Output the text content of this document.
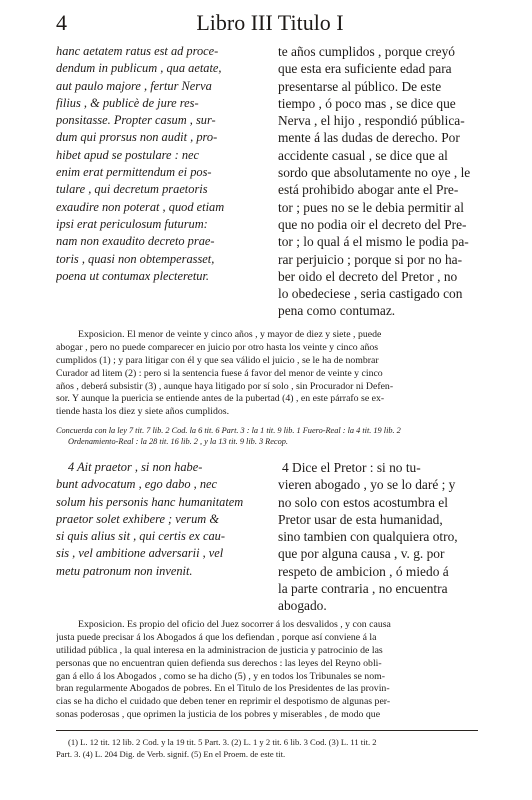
4	Libro III Titulo I
hanc aetatem ratus est ad proce-
dendum in publicum , qua aetate,
aut paulo majore , fertur Nerva
filius , & publicè de jure res-
ponsitasse. Propter casum , sur-
dum qui prorsus non audit , pro-
hibet apud se postulare : nec
enim erat permittendum ei pos-
tulare , qui decretum praetoris
exaudire non poterat , quod etiam
ipsi erat periculosum futurum:
nam non exaudito decreto prae-
toris , quasi non obtemperasset,
poena ut contumax plecteretur.
te años cumplidos , porque creyó
que esta era suficiente edad para
presentarse al público. De este
tiempo , ó poco mas , se dice que
Nerva , el hijo , respondió pública-
mente á las dudas de derecho. Por
accidente casual , se dice que al
sordo que absolutamente no oye , le
está prohibido abogar ante el Pre-
tor ; pues no se le debia permitir al
que no podia oir el decreto del Pre-
tor ; lo qual á el mismo le podia pa-
rar perjuicio ; porque si por no ha-
ber oido el decreto del Pretor , no
lo obedeciese , seria castigado con
pena como contumaz.
Exposicion. El menor de veinte y cinco años , y mayor de diez y siete , puede
abogar , pero no puede comparecer en juicio por otro hasta los veinte y cinco años
cumplidos (1) ; y para litigar con él y que sea válido el juicio , se le ha de nombrar
Curador ad litem (2) : pero si la sentencia fuese á favor del menor de veinte y cinco
años , deberá subsistir (3) , aunque haya litigado por sí solo , sin Procurador ni Defen-
sor. Y aunque la puericia se entiende antes de la pubertad (4) , en este párrafo se ex-
tiende hasta los diez y siete años cumplidos.
Concuerda con la ley 7 tit. 7 lib. 2 Cod. la 6 tit. 6 Part. 3 : la 1 tit. 9 lib. 1 Fuero-Real : la 4 tit. 19 lib. 2
Ordenamiento-Real : la 28 tit. 16 lib. 2 , y la 13 tit. 9 lib. 3 Recop.
4 Ait praetor , si non habe-
bunt advocatum , ego dabo , nec
solum his personis hanc humanitatem
praetor solet exhibere ; verum &
si quis alius sit , qui certis ex cau-
sis , vel ambitione adversarii , vel
metu patronum non invenit.
4 Dice el Pretor : si no tu-
vieren abogado , yo se lo daré ; y
no solo con estos acostumbra el
Pretor usar de esta humanidad,
sino tambien con qualquiera otro,
que por alguna causa , v. g. por
respeto de ambicion , ó miedo á
la parte contraria , no encuentra
abogado.
Exposicion. Es propio del oficio del Juez socorrer á los desvalidos , y con causa
justa puede precisar á los Abogados á que los defiendan , porque así conviene á la
utilidad pública , la qual interesa en la administracion de justicia y patrocinio de las
personas que no encuentran quien defienda sus derechos : las leyes del Reyno obli-
gan á ello á los Abogados , como se ha dicho (5) , y en todos los Tribunales se nom-
bran regularmente Abogados de pobres. En el Titulo de los Presidentes de las provin-
cias se ha dicho el cuidado que deben tener en reprimir el despotismo de algunas per-
sonas poderosas , que oprimen la justicia de los pobres y miserables , de modo que
(1) L. 12 tit. 12 lib. 2 Cod. y la 19 tit. 5 Part. 3. (2) L. 1 y 2 tit. 6 lib. 3 Cod. (3) L. 11 tit. 2
Part. 3. (4) L. 204 Dig. de Verb. signif. (5) En el Proem. de este tit.
